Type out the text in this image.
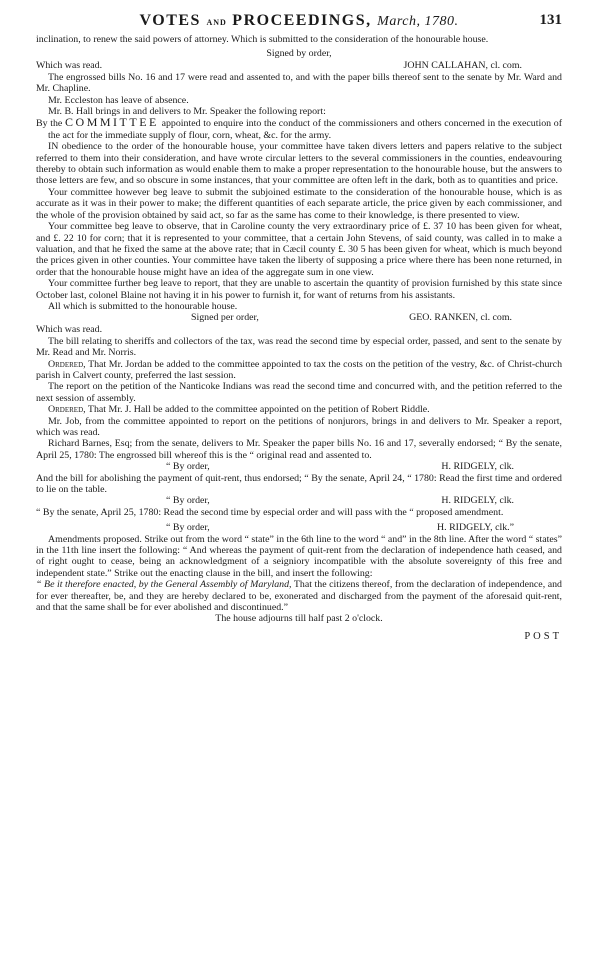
VOTES and PROCEEDINGS, March, 1780.	131

inclination, to renew the said powers of attorney. Which is submitted to the consideration of the honourable house.

Signed by order,

Which was read.	JOHN CALLAHAN, cl. com.

The engrossed bills No. 16 and 17 were read and assented to, and with the paper bills thereof sent to the senate by Mr. Ward and Mr. Chapline.

Mr. Eccleston has leave of absence.

Mr. B. Hall brings in and delivers to Mr. Speaker the following report:

By the COMMITTEE appointed to enquire into the conduct of the commissioners and others concerned in the execution of the act for the immediate supply of flour, corn, wheat, &c. for the army.

IN obedience to the order of the honourable house, your committee have taken divers letters and papers relative to the subject referred to them into their consideration, and have wrote circular letters to the several commissioners in the counties, endeavouring thereby to obtain such information as would enable them to make a proper representation to the honourable house, but the answers to those letters are few, and so obscure in some instances, that your committee are often left in the dark, both as to quantities and price.

Your committee however beg leave to submit the subjoined estimate to the consideration of the honourable house, which is as accurate as it was in their power to make; the different quantities of each separate article, the price given by each commissioner, and the whole of the provision obtained by said act, so far as the same has come to their knowledge, is there presented to view.

Your committee beg leave to observe, that in Caroline county the very extraordinary price of £. 37 10 has been given for wheat, and £. 22 10 for corn; that it is represented to your committee, that a certain John Stevens, of said county, was called in to make a valuation, and that he fixed the same at the above rate; that in Cæcil county £. 30 5 has been given for wheat, which is much beyond the prices given in other counties. Your committee have taken the liberty of supposing a price where there has been none returned, in order that the honourable house might have an idea of the aggregate sum in one view.

Your committee further beg leave to report, that they are unable to ascertain the quantity of provision furnished by this state since October last, colonel Blaine not having it in his power to furnish it, for want of returns from his assistants.

All which is submitted to the honourable house.

Signed per order,	GEO. RANKEN, cl. com.

Which was read.

The bill relating to sheriffs and collectors of the tax, was read the second time by especial order, passed, and sent to the senate by Mr. Read and Mr. Norris.

Ordered, That Mr. Jordan be added to the committee appointed to tax the costs on the petition of the vestry, &c. of Christ-church parish in Calvert county, preferred the last session.

The report on the petition of the Nanticoke Indians was read the second time and concurred with, and the petition referred to the next session of assembly.

Ordered, That Mr. J. Hall be added to the committee appointed on the petition of Robert Riddle.

Mr. Job, from the committee appointed to report on the petitions of nonjurors, brings in and delivers to Mr. Speaker a report, which was read.

Richard Barnes, Esq; from the senate, delivers to Mr. Speaker the paper bills No. 16 and 17, severally endorsed; “ By the senate, April 25, 1780: The engrossed bill whereof this is the “ original read and assented to.

“ By order,	H. RIDGELY, clk.

And the bill for abolishing the payment of quit-rent, thus endorsed; “ By the senate, April 24, “ 1780: Read the first time and ordered to lie on the table.

“ By order,	H. RIDGELY, clk.

“ By the senate, April 25, 1780: Read the second time by especial order and will pass with the “ proposed amendment.

“ By order,	H. RIDGELY, clk.”

Amendments proposed. Strike out from the word “ state” in the 6th line to the word “ and” in the 8th line. After the word “ states” in the 11th line insert the following: “ And whereas the payment of quit-rent from the declaration of independence hath ceased, and of right ought to cease, being an acknowledgment of a seigniory incompatible with the absolute sovereignty of this free and independent state.” Strike out the enacting clause in the bill, and insert the following:

“ Be it therefore enacted, by the General Assembly of Maryland, That the citizens thereof, from the declaration of independence, and for ever thereafter, be, and they are hereby declared to be, exonerated and discharged from the payment of the aforesaid quit-rent, and that the same shall be for ever abolished and discontinued.”

The house adjourns till half past 2 o'clock.

POST
